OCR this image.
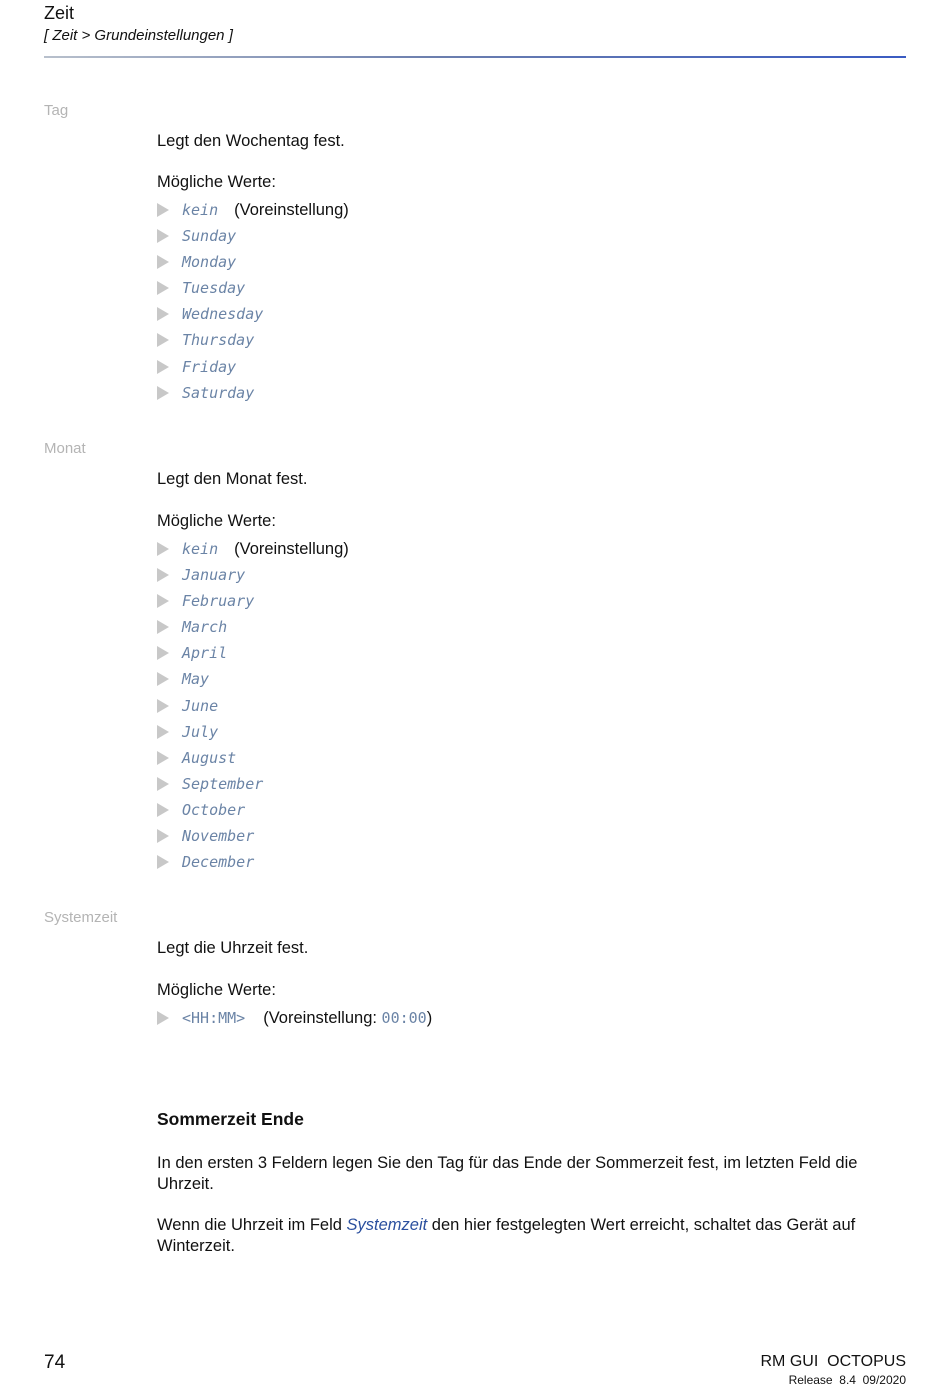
Zeit
[ Zeit > Grundeinstellungen ]
Tag
Legt den Wochentag fest.
Mögliche Werte:
kein (Voreinstellung)
Sunday
Monday
Tuesday
Wednesday
Thursday
Friday
Saturday
Monat
Legt den Monat fest.
Mögliche Werte:
kein (Voreinstellung)
January
February
March
April
May
June
July
August
September
October
November
December
Systemzeit
Legt die Uhrzeit fest.
Mögliche Werte:
<HH:MM> (Voreinstellung: 00:00)
Sommerzeit Ende
In den ersten 3 Feldern legen Sie den Tag für das Ende der Sommerzeit fest, im letzten Feld die Uhrzeit.
Wenn die Uhrzeit im Feld Systemzeit den hier festgelegten Wert erreicht, schaltet das Gerät auf Winterzeit.
74	RM GUI  OCTOPUS
Release  8.4  09/2020
